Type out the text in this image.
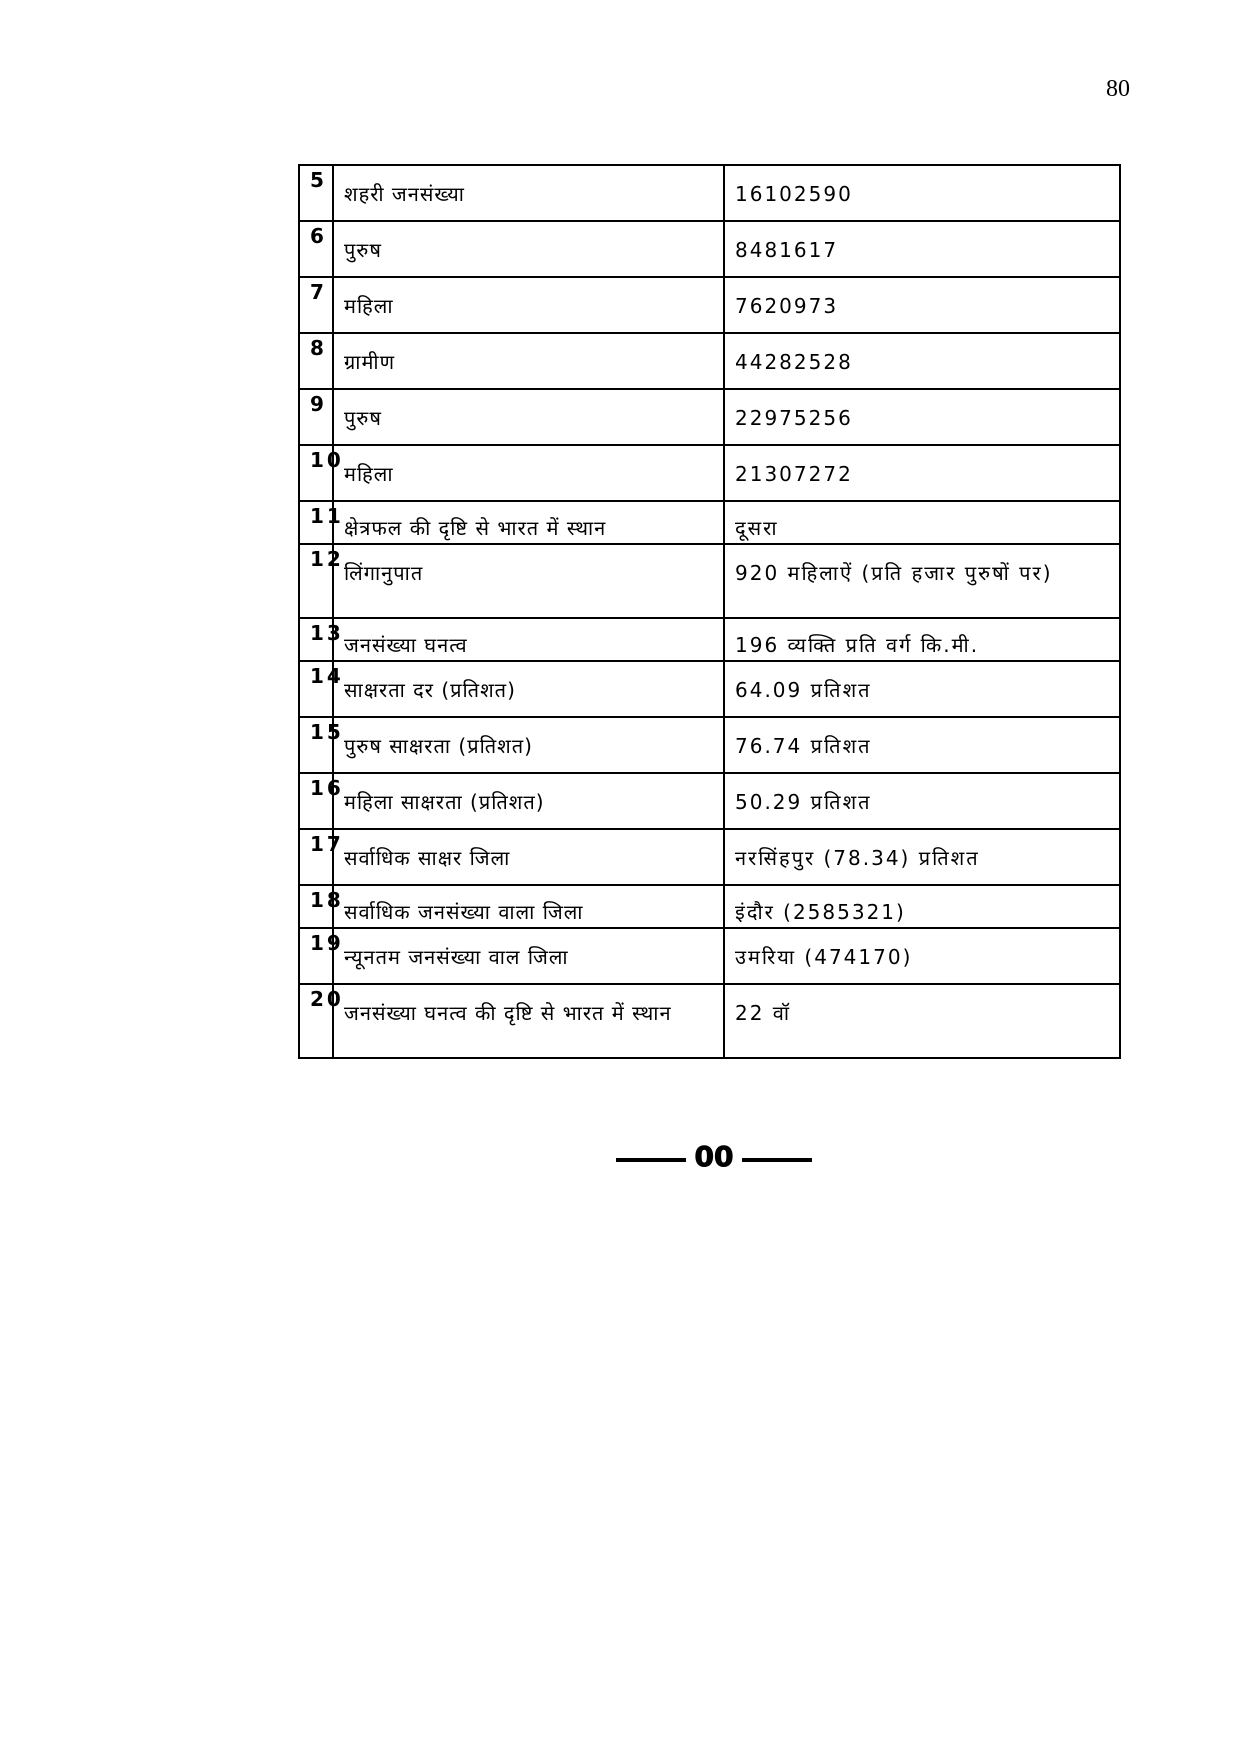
80
5	शहरी जनसंख्या	16102590
6	पुरुष	8481617
7	महिला	7620973
8	ग्रामीण	44282528
9	पुरुष	22975256
10	महिला	21307272
11	क्षेत्रफल की दृष्टि से भारत में स्थान	दूसरा
12	लिंगानुपात	920 महिलाऐं (प्रति हजार पुरुषों पर)
13	जनसंख्या घनत्व	196 व्यक्ति प्रति वर्ग कि.मी.
14	साक्षरता दर (प्रतिशत)	64.09 प्रतिशत
15	पुरुष साक्षरता (प्रतिशत)	76.74 प्रतिशत
16	महिला साक्षरता (प्रतिशत)	50.29 प्रतिशत
17	सर्वाधिक साक्षर जिला	नरसिंहपुर (78.34) प्रतिशत
18	सर्वाधिक जनसंख्या वाला जिला	इंदौर (2585321)
19	न्यूनतम जनसंख्या वाल जिला	उमरिया (474170)
20	जनसंख्या घनत्व की दृष्टि से भारत में स्थान	22 वॉ
00
